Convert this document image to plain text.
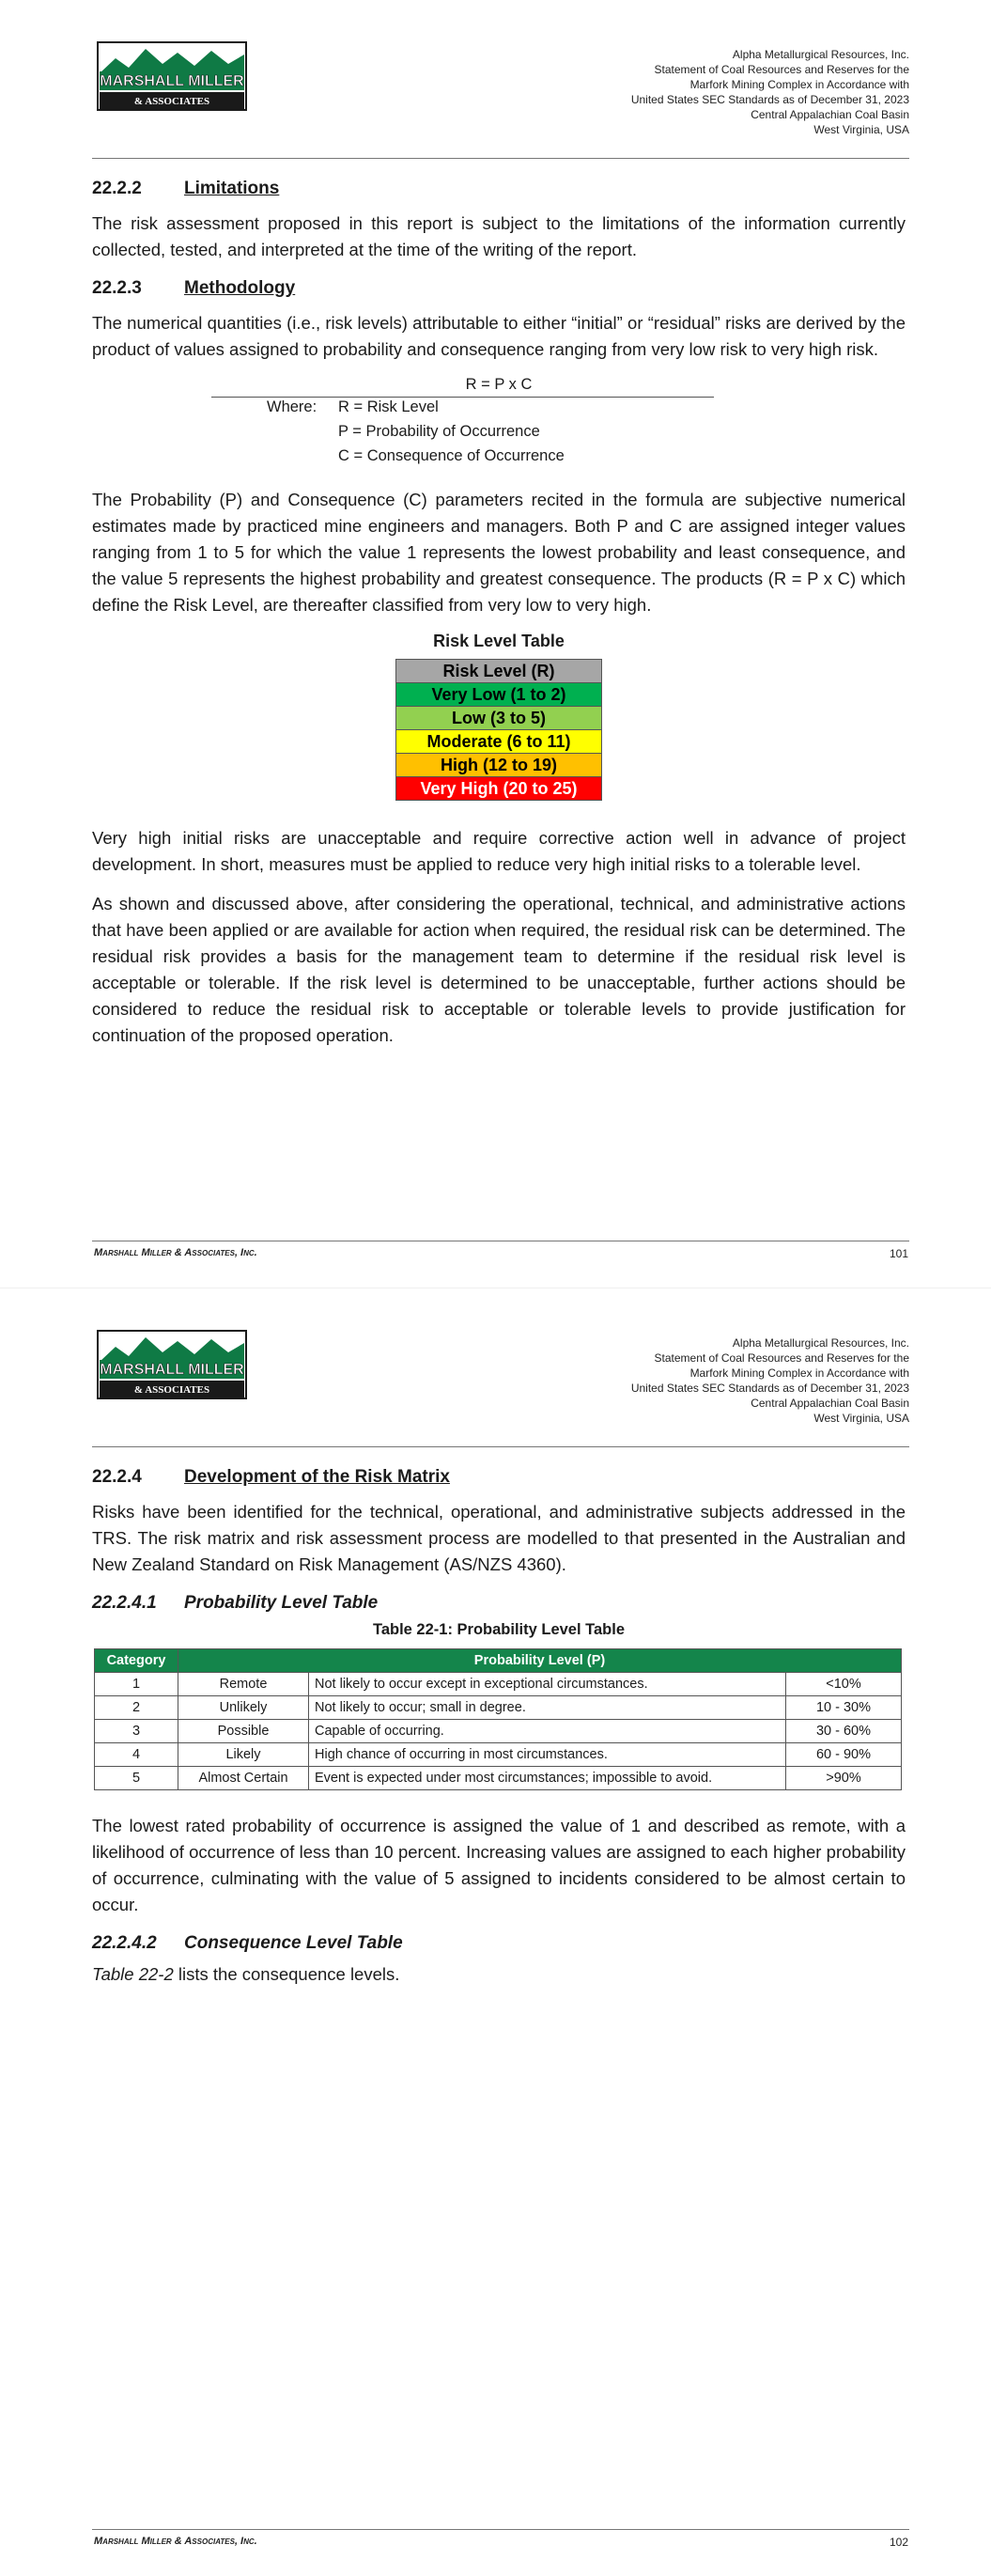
MARSHALL MILLER
& ASSOCIATES
Alpha Metallurgical Resources, Inc.
Statement of Coal Resources and Reserves for the
Marfork Mining Complex in Accordance with
United States SEC Standards as of December 31, 2023
Central Appalachian Coal Basin
West Virginia, USA
22.2.2 Limitations

The risk assessment proposed in this report is subject to the limitations of the information currently collected, tested, and interpreted at the time of the writing of the report.

22.2.3 Methodology

The numerical quantities (i.e., risk levels) attributable to either “initial” or “residual” risks are derived by the product of values assigned to probability and consequence ranging from very low risk to very high risk.

R = P x C
Where: R = Risk Level
P = Probability of Occurrence
C = Consequence of Occurrence

The Probability (P) and Consequence (C) parameters recited in the formula are subjective numerical estimates made by practiced mine engineers and managers. Both P and C are assigned integer values ranging from 1 to 5 for which the value 1 represents the lowest probability and least consequence, and the value 5 represents the highest probability and greatest consequence. The products (R = P x C) which define the Risk Level, are thereafter classified from very low to very high.

Risk Level Table
Risk Level (R)
Very Low (1 to 2)
Low (3 to 5)
Moderate (6 to 11)
High (12 to 19)
Very High (20 to 25)

Very high initial risks are unacceptable and require corrective action well in advance of project development. In short, measures must be applied to reduce very high initial risks to a tolerable level.

As shown and discussed above, after considering the operational, technical, and administrative actions that have been applied or are available for action when required, the residual risk can be determined. The residual risk provides a basis for the management team to determine if the residual risk level is acceptable or tolerable. If the risk level is determined to be unacceptable, further actions should be considered to reduce the residual risk to acceptable or tolerable levels to provide justification for continuation of the proposed operation.

Marshall Miller & Associates, Inc.	101
MARSHALL MILLER
& ASSOCIATES
Alpha Metallurgical Resources, Inc.
Statement of Coal Resources and Reserves for the
Marfork Mining Complex in Accordance with
United States SEC Standards as of December 31, 2023
Central Appalachian Coal Basin
West Virginia, USA
22.2.4 Development of the Risk Matrix

Risks have been identified for the technical, operational, and administrative subjects addressed in the TRS. The risk matrix and risk assessment process are modelled to that presented in the Australian and New Zealand Standard on Risk Management (AS/NZS 4360).

22.2.4.1 Probability Level Table
Table 22-1: Probability Level Table
Category	Probability Level (P)		
1	Remote	Not likely to occur except in exceptional circumstances.	<10%
2	Unlikely	Not likely to occur; small in degree.	10 - 30%
3	Possible	Capable of occurring.	30 - 60%
4	Likely	High chance of occurring in most circumstances.	60 - 90%
5	Almost Certain	Event is expected under most circumstances; impossible to avoid.	>90%

The lowest rated probability of occurrence is assigned the value of 1 and described as remote, with a likelihood of occurrence of less than 10 percent. Increasing values are assigned to each higher probability of occurrence, culminating with the value of 5 assigned to incidents considered to be almost certain to occur.

22.2.4.2 Consequence Level Table

Table 22-2 lists the consequence levels.

Marshall Miller & Associates, Inc.	102
